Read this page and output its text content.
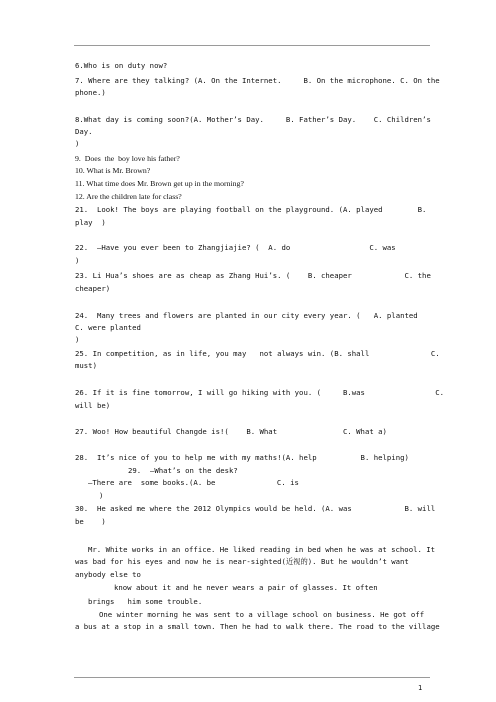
6.Who is on duty now?
7. Where are they talking? (A. On the Internet.     B. On the microphone. C. On the
phone.)
8.What day is coming soon?(A. Mother’s Day.     B. Father’s Day.    C. Children’s
Day.
)
9.  Does  the  boy love his father?
10. What is Mr. Brown?
11. What time does Mr. Brown get up in the morning?
12. Are the children late for class?
21.  Look! The boys are playing football on the playground. (A. played        B.
play  )
22.  –Have you ever been to Zhangjiajie? (  A. do                  C. was
)
23. Li Hua’s shoes are as cheap as Zhang Hui’s. (    B. cheaper            C. the
cheaper)
24.  Many trees and flowers are planted in our city every year. (   A. planted
C. were planted
)
25. In competition, as in life, you may   not always win. (B. shall              C.
must)
26. If it is fine tomorrow, I will go hiking with you. (     B.was                C.
will be)
27. Woo! How beautiful Changde is!(    B. What               C. What a)
28.  It’s nice of you to help me with my maths!(A. help          B. helping)
29.  –What’s on the desk?
–There are  some books.(A. be              C. is
)
30.  He asked me where the 2012 Olympics would be held. (A. was            B. will
be    )
Mr. White works in an office. He liked reading in bed when he was at school. It
was bad for his eyes and now he is near-sighted(近视的). But he wouldn’t want
anybody else to
know about it and he never wears a pair of glasses. It often
brings   him some trouble.
One winter morning he was sent to a village school on business. He got off
a bus at a stop in a small town. Then he had to walk there. The road to the village
1
